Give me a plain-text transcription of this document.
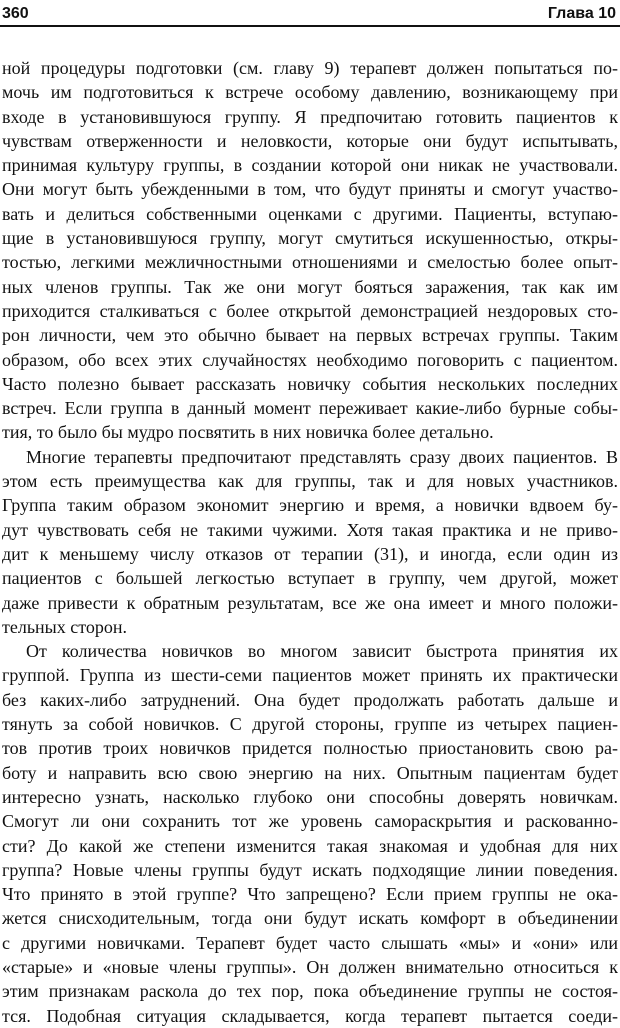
360	Глава 10
ной процедуры подготовки (см. главу 9) терапевт должен попытаться по-
мочь им подготовиться к встрече особому давлению, возникающему при
входе в установившуюся группу. Я предпочитаю готовить пациентов к
чувствам отверженности и неловкости, которые они будут испытывать,
принимая культуру группы, в создании которой они никак не участвовали.
Они могут быть убежденными в том, что будут приняты и смогут участво-
вать и делиться собственными оценками с другими. Пациенты, вступаю-
щие в установившуюся группу, могут смутиться искушенностью, откры-
тостью, легкими межличностными отношениями и смелостью более опыт-
ных членов группы. Так же они могут бояться заражения, так как им
приходится сталкиваться с более открытой демонстрацией нездоровых сто-
рон личности, чем это обычно бывает на первых встречах группы. Таким
образом, обо всех этих случайностях необходимо поговорить с пациентом.
Часто полезно бывает рассказать новичку события нескольких последних
встреч. Если группа в данный момент переживает какие-либо бурные собы-
тия, то было бы мудро посвятить в них новичка более детально.
Многие терапевты предпочитают представлять сразу двоих пациентов. В
этом есть преимущества как для группы, так и для новых участников.
Группа таким образом экономит энергию и время, а новички вдвоем бу-
дут чувствовать себя не такими чужими. Хотя такая практика и не приво-
дит к меньшему числу отказов от терапии (31), и иногда, если один из
пациентов с большей легкостью вступает в группу, чем другой, может
даже привести к обратным результатам, все же она имеет и много положи-
тельных сторон.
От количества новичков во многом зависит быстрота принятия их
группой. Группа из шести-семи пациентов может принять их практически
без каких-либо затруднений. Она будет продолжать работать дальше и
тянуть за собой новичков. С другой стороны, группе из четырех пациен-
тов против троих новичков придется полностью приостановить свою ра-
боту и направить всю свою энергию на них. Опытным пациентам будет
интересно узнать, насколько глубоко они способны доверять новичкам.
Смогут ли они сохранить тот же уровень самораскрытия и раскованно-
сти? До какой же степени изменится такая знакомая и удобная для них
группа? Новые члены группы будут искать подходящие линии поведения.
Что принято в этой группе? Что запрещено? Если прием группы не ока-
жется снисходительным, тогда они будут искать комфорт в объединении
с другими новичками. Терапевт будет часто слышать «мы» и «они» или
«старые» и «новые члены группы». Он должен внимательно относиться к
этим признакам раскола до тех пор, пока объединение группы не состоя-
тся. Подобная ситуация складывается, когда терапевт пытается соеди-
